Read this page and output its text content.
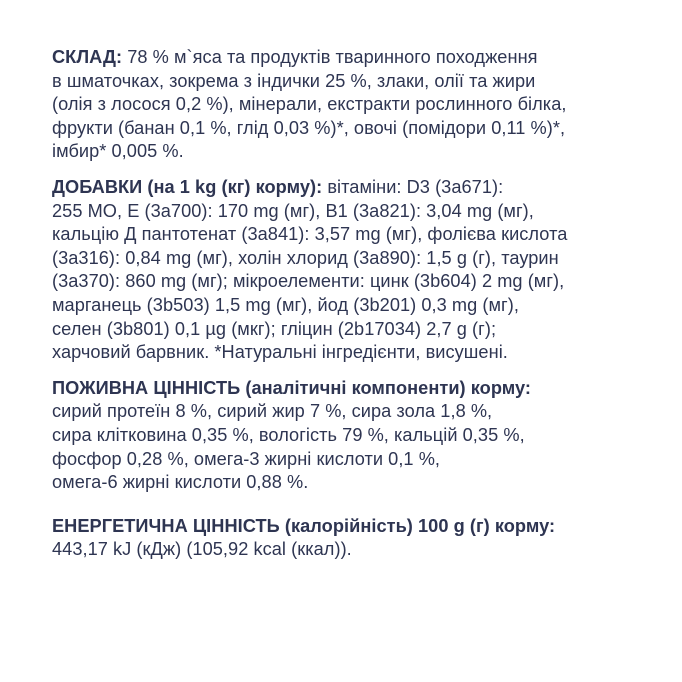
СКЛАД: 78 % м`яса та продуктів тваринного походження
в шматочках, зокрема з індички 25 %, злаки, олії та жири
(олія з лосося 0,2 %), мінерали, екстракти рослинного білка,
фрукти (банан 0,1 %, глід 0,03 %)*, овочі (помідори 0,11 %)*,
імбир* 0,005 %.
ДОБАВКИ (на 1 kg (кг) корму): вітаміни: D3 (3a671):
255 МО, Е (3a700): 170 mg (мг), B1 (3a821): 3,04 mg (мг),
кальцію Д пантотенат (3a841): 3,57 mg (мг), фолієва кислота
(3a316): 0,84 mg (мг), холін хлорид (3a890): 1,5 g (г), таурин
(3a370): 860 mg (мг); мікроелементи: цинк (3b604) 2 mg (мг),
марганець (3b503) 1,5 mg (мг), йод (3b201) 0,3 mg (мг),
селен (3b801) 0,1 µg (мкг); гліцин (2b17034) 2,7 g (г);
харчовий барвник. *Натуральні інгредієнти, висушені.
ПОЖИВНА ЦІННІСТЬ (аналітичні компоненти) корму:
сирий протеїн 8 %, сирий жир 7 %, сира зола 1,8 %,
сира клітковина 0,35 %, вологість 79 %, кальцій 0,35 %,
фосфор 0,28 %, омега-3 жирні кислоти 0,1 %,
омега-6 жирні кислоти 0,88 %.
ЕНЕРГЕТИЧНА ЦІННІСТЬ (калорійність) 100 g (г) корму:
443,17 kJ (кДж) (105,92 kcal (ккал)).
